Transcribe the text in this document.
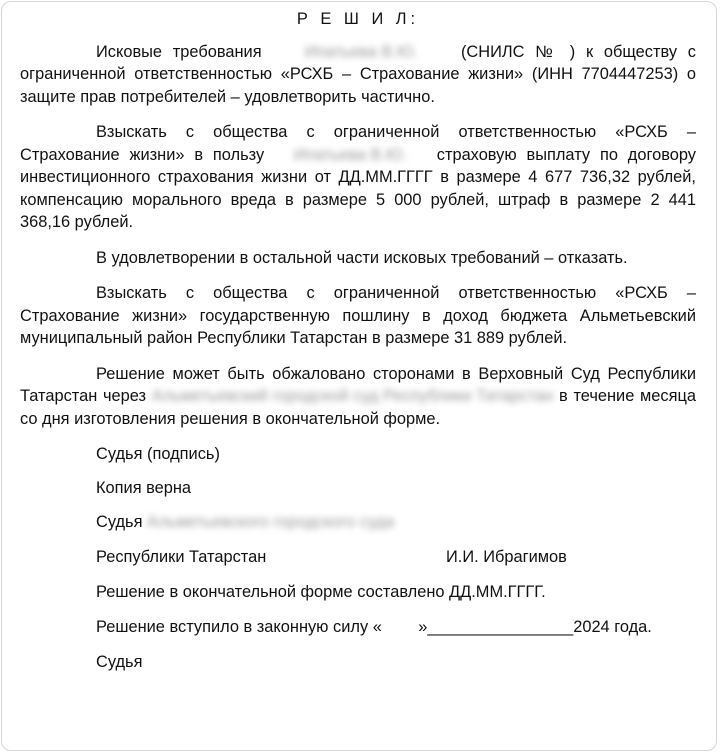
Р Е Ш И Л:

Исковые требования	Ипатьева В.Ю.	(СНИЛС № ) к обществу с ограниченной ответственностью «РСХБ – Страхование жизни» (ИНН 7704447253) о защите прав потребителей – удовлетворить частично.

Взыскать с общества с ограниченной ответственностью «РСХБ – Страхование жизни» в пользу Ипатьева В.Ю. страховую выплату по договору инвестиционного страхования жизни от ДД.ММ.ГГГГ в размере 4 677 736,32 рублей, компенсацию морального вреда в размере 5 000 рублей, штраф в размере 2 441 368,16 рублей.

В удовлетворении в остальной части исковых требований – отказать.

Взыскать с общества с ограниченной ответственностью «РСХБ – Страхование жизни» государственную пошлину в доход бюджета Альметьевский муниципальный район Республики Татарстан в размере 31 889 рублей.

Решение может быть обжаловано сторонами в Верховный Суд Республики Татарстан через Альметьевский городской суд Республики Татарстан в течение месяца со дня изготовления решения в окончательной форме.

Судья (подпись)
Копия верна
Судья Альметьевского городского суда
Республики Татарстан	И.И. Ибрагимов
Решение в окончательной форме составлено ДД.ММ.ГГГГ.
Решение вступило в законную силу «        »________________2024 года.
Судья
